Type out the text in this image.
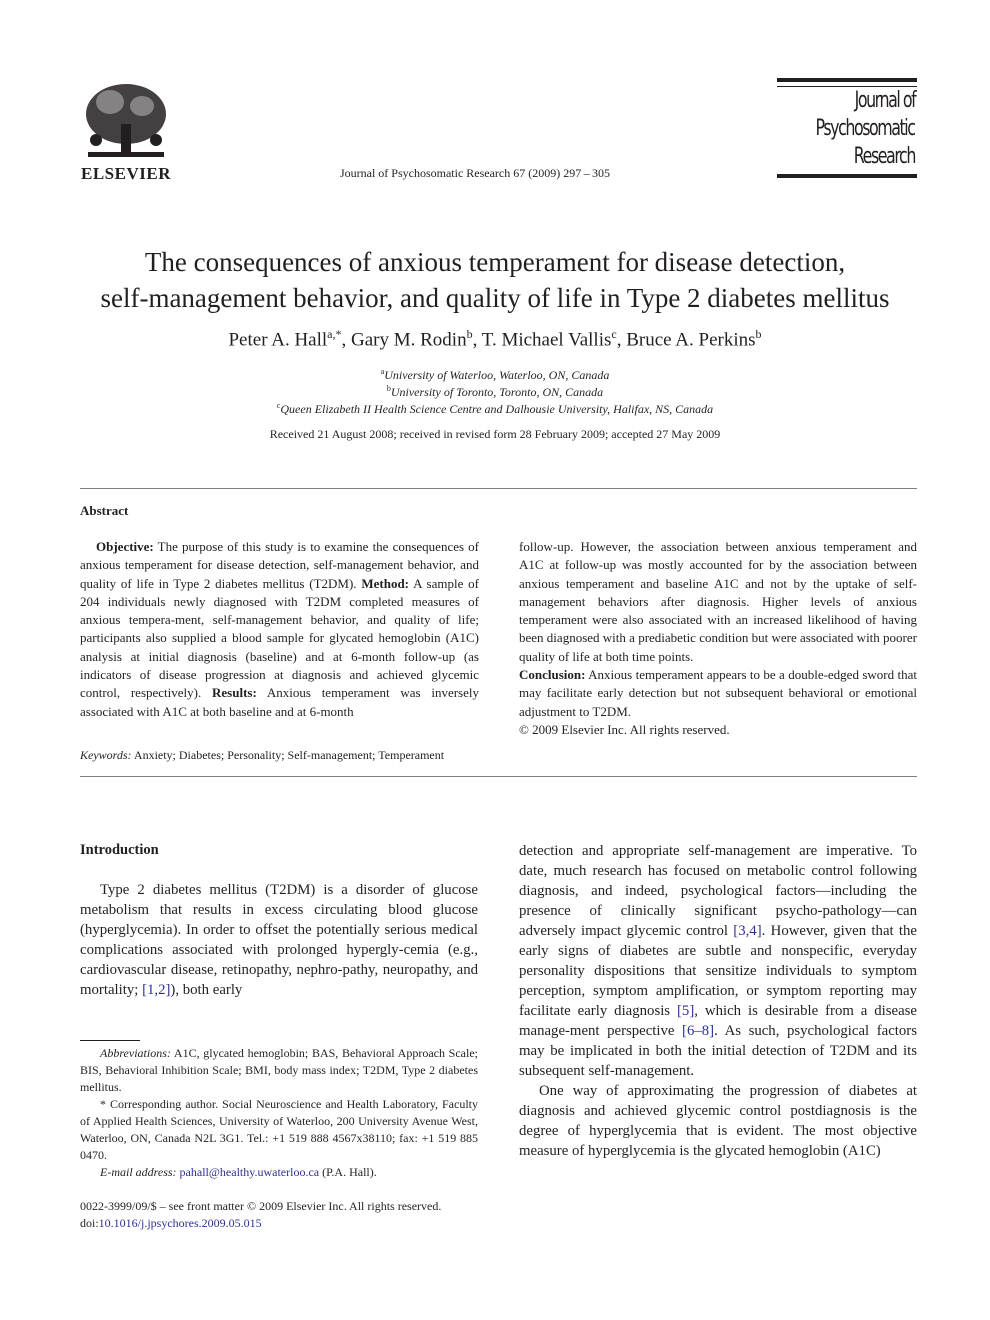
ELSEVIER	Journal of Psychosomatic Research 67 (2009) 297 – 305
Journal of
Psychosomatic
Research
The consequences of anxious temperament for disease detection,
self-management behavior, and quality of life in Type 2 diabetes mellitus
Peter A. Hall$^{a,*}$, Gary M. Rodin$^b$, T. Michael Vallis$^c$, Bruce A. Perkins$^b$
$^a$University of Waterloo, Waterloo, ON, Canada
$^b$University of Toronto, Toronto, ON, Canada
$^c$Queen Elizabeth II Health Science Centre and Dalhousie University, Halifax, NS, Canada
Received 21 August 2008; received in revised form 28 February 2009; accepted 27 May 2009
Abstract

Objective: The purpose of this study is to examine the consequences of anxious temperament for disease detection, self-management behavior, and quality of life in Type 2 diabetes mellitus (T2DM). Method: A sample of 204 individuals newly diagnosed with T2DM completed measures of anxious tempera-ment, self-management behavior, and quality of life; participants also supplied a blood sample for glycated hemoglobin (A1C) analysis at initial diagnosis (baseline) and at 6-month follow-up (as indicators of disease progression at diagnosis and achieved glycemic control, respectively). Results: Anxious temperament was inversely associated with A1C at both baseline and at 6-month

follow-up. However, the association between anxious temperament and A1C at follow-up was mostly accounted for by the association between anxious temperament and baseline A1C and not by the uptake of self-management behaviors after diagnosis. Higher levels of anxious temperament were also associated with an increased likelihood of having been diagnosed with a prediabetic condition but were associated with poorer quality of life at both time points.
Conclusion: Anxious temperament appears to be a double-edged sword that may facilitate early detection but not subsequent behavioral or emotional adjustment to T2DM.

© 2009 Elsevier Inc. All rights reserved.

Keywords: Anxiety; Diabetes; Personality; Self-management; Temperament
Introduction

Type 2 diabetes mellitus (T2DM) is a disorder of glucose metabolism that results in excess circulating blood glucose (hyperglycemia). In order to offset the potentially serious medical complications associated with prolonged hypergly-cemia (e.g., cardiovascular disease, retinopathy, nephro-pathy, neuropathy, and mortality; [1,2]), both early

detection and appropriate self-management are imperative. To date, much research has focused on metabolic control following diagnosis, and indeed, psychological factors—including the presence of clinically significant psycho-pathology—can adversely impact glycemic control [3,4]. However, given that the early signs of diabetes are subtle and nonspecific, everyday personality dispositions that sensitize individuals to symptom perception, symptom amplification, or symptom reporting may facilitate early diagnosis [5], which is desirable from a disease manage-ment perspective [6–8]. As such, psychological factors may be implicated in both the initial detection of T2DM and its subsequent self-management.

One way of approximating the progression of diabetes at diagnosis and achieved glycemic control postdiagnosis is the degree of hyperglycemia that is evident. The most objective measure of hyperglycemia is the glycated hemoglobin (A1C)

Abbreviations: A1C, glycated hemoglobin; BAS, Behavioral Approach Scale; BIS, Behavioral Inhibition Scale; BMI, body mass index; T2DM, Type 2 diabetes mellitus.

* Corresponding author. Social Neuroscience and Health Laboratory, Faculty of Applied Health Sciences, University of Waterloo, 200 University Avenue West, Waterloo, ON, Canada N2L 3G1. Tel.: +1 519 888 4567x38110; fax: +1 519 885 0470.

E-mail address: pahall@healthy.uwaterloo.ca (P.A. Hall).

0022-3999/09/$ – see front matter © 2009 Elsevier Inc. All rights reserved.
doi:10.1016/j.jpsychores.2009.05.015
